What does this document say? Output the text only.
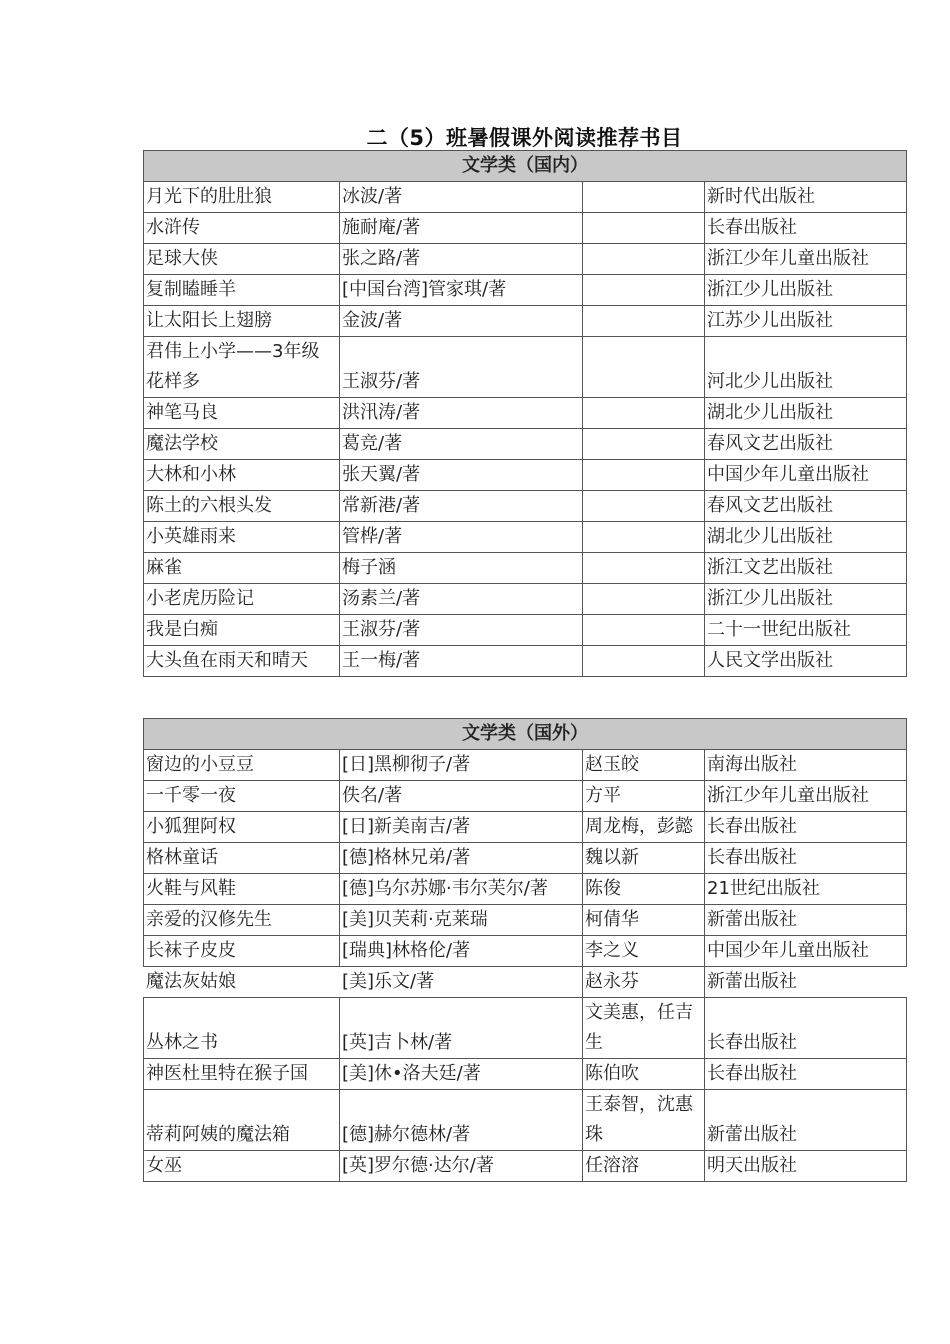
二（5）班暑假课外阅读推荐书目
文学类（国内）			
月光下的肚肚狼	冰波/著		新时代出版社
水浒传	施耐庵/著		长春出版社
足球大侠	张之路/著		浙江少年儿童出版社
复制瞌睡羊	[中国台湾]管家琪/著		浙江少儿出版社
让太阳长上翅膀	金波/著		江苏少儿出版社
君伟上小学——3年级花样多	王淑芬/著		河北少儿出版社
神笔马良	洪汛涛/著		湖北少儿出版社
魔法学校	葛竞/著		春风文艺出版社
大林和小林	张天翼/著		中国少年儿童出版社
陈土的六根头发	常新港/著		春风文艺出版社
小英雄雨来	管桦/著		湖北少儿出版社
麻雀	梅子涵		浙江文艺出版社
小老虎历险记	汤素兰/著		浙江少儿出版社
我是白痴	王淑芬/著		二十一世纪出版社
大头鱼在雨天和晴天	王一梅/著		人民文学出版社
文学类（国外）			
窗边的小豆豆	[日]黑柳彻子/著	赵玉皎	南海出版社
一千零一夜	佚名/著	方平	浙江少年儿童出版社
小狐狸阿权	[日]新美南吉/著	周龙梅，彭懿	长春出版社
格林童话	[德]格林兄弟/著	魏以新	长春出版社
火鞋与风鞋	[德]乌尔苏娜·韦尔芙尔/著	陈俊	21世纪出版社
亲爱的汉修先生	[美]贝芙莉·克莱瑞	柯倩华	新蕾出版社
长袜子皮皮	[瑞典]林格伦/著	李之义	中国少年儿童出版社
魔法灰姑娘	[美]乐文/著	赵永芬	新蕾出版社
丛林之书	[英]吉卜林/著	文美惠，任吉生	长春出版社
神医杜里特在猴子国	[美]休•洛夫廷/著	陈伯吹	长春出版社
蒂莉阿姨的魔法箱	[德]赫尔德林/著	王泰智，沈惠珠	新蕾出版社
女巫	[英]罗尔德·达尔/著	任溶溶	明天出版社
